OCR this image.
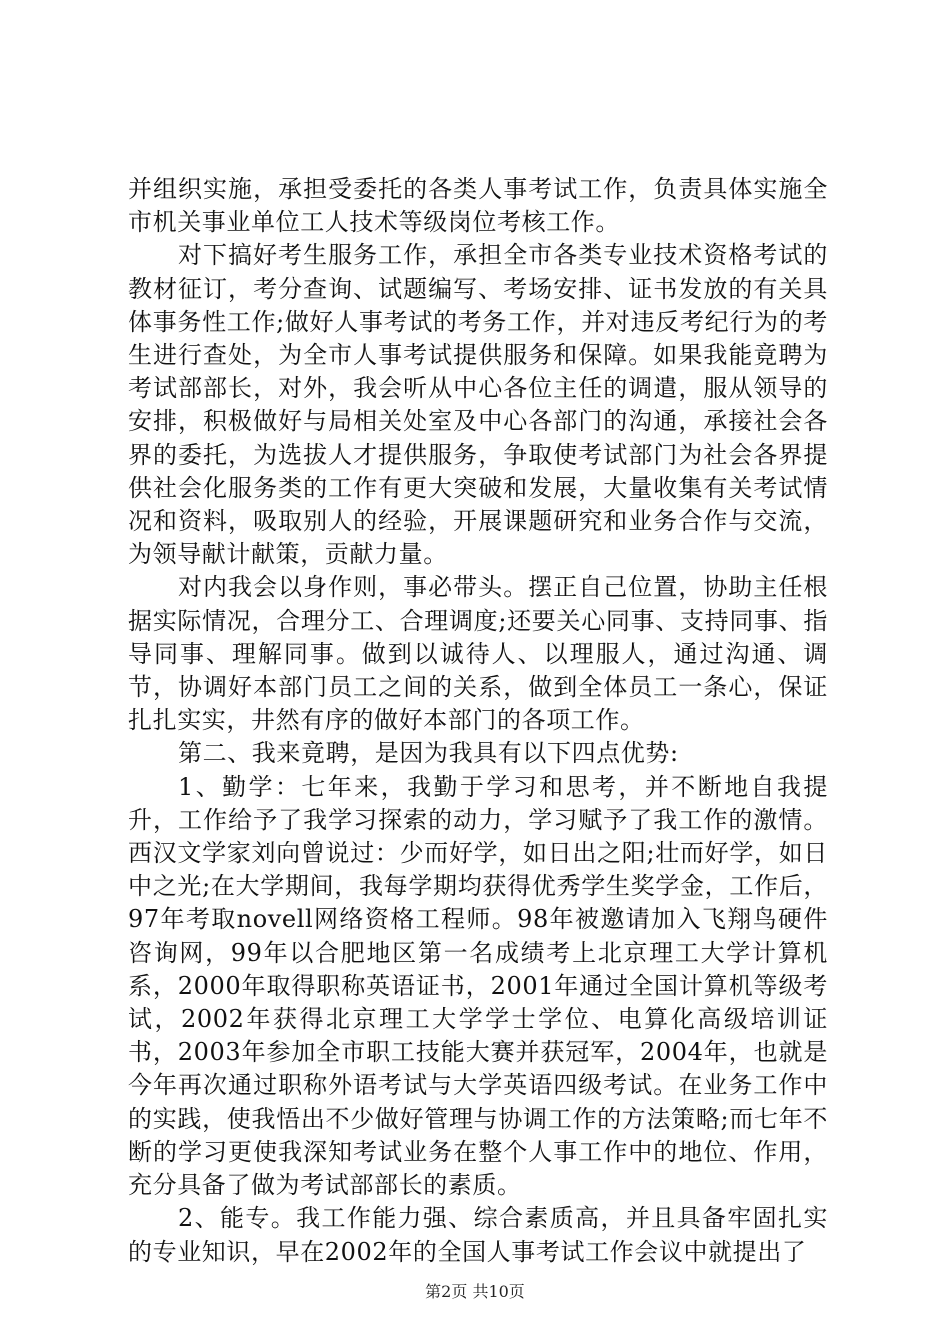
并组织实施，承担受委托的各类人事考试工作，负责具体实施全市机关事业单位工人技术等级岗位考核工作。

对下搞好考生服务工作，承担全市各类专业技术资格考试的教材征订，考分查询、试题编写、考场安排、证书发放的有关具体事务性工作;做好人事考试的考务工作，并对违反考纪行为的考生进行查处，为全市人事考试提供服务和保障。如果我能竟聘为考试部部长，对外，我会听从中心各位主任的调遣，服从领导的安排，积极做好与局相关处室及中心各部门的沟通，承接社会各界的委托，为选拔人才提供服务，争取使考试部门为社会各界提供社会化服务类的工作有更大突破和发展，大量收集有关考试情况和资料，吸取别人的经验，开展课题研究和业务合作与交流，为领导献计献策，贡献力量。

对内我会以身作则，事必带头。摆正自己位置，协助主任根据实际情况，合理分工、合理调度;还要关心同事、支持同事、指导同事、理解同事。做到以诚待人、以理服人，通过沟通、调节，协调好本部门员工之间的关系，做到全体员工一条心，保证扎扎实实，井然有序的做好本部门的各项工作。

第二、我来竟聘，是因为我具有以下四点优势:

1、勤学：七年来，我勤于学习和思考，并不断地自我提升，工作给予了我学习探索的动力，学习赋予了我工作的激情。西汉文学家刘向曾说过：少而好学，如日出之阳;壮而好学，如日中之光;在大学期间，我每学期均获得优秀学生奖学金，工作后，97年考取novell网络资格工程师。98年被邀请加入飞翔鸟硬件咨询网，99年以合肥地区第一名成绩考上北京理工大学计算机系，2000年取得职称英语证书，2001年通过全国计算机等级考试，2002年获得北京理工大学学士学位、电算化高级培训证书，2003年参加全市职工技能大赛并获冠军，2004年，也就是今年再次通过职称外语考试与大学英语四级考试。在业务工作中的实践，使我悟出不少做好管理与协调工作的方法策略;而七年不断的学习更使我深知考试业务在整个人事工作中的地位、作用，充分具备了做为考试部部长的素质。

2、能专。我工作能力强、综合素质高，并且具备牢固扎实的专业知识，早在2002年的全国人事考试工作会议中就提出了

第2页 共10页
